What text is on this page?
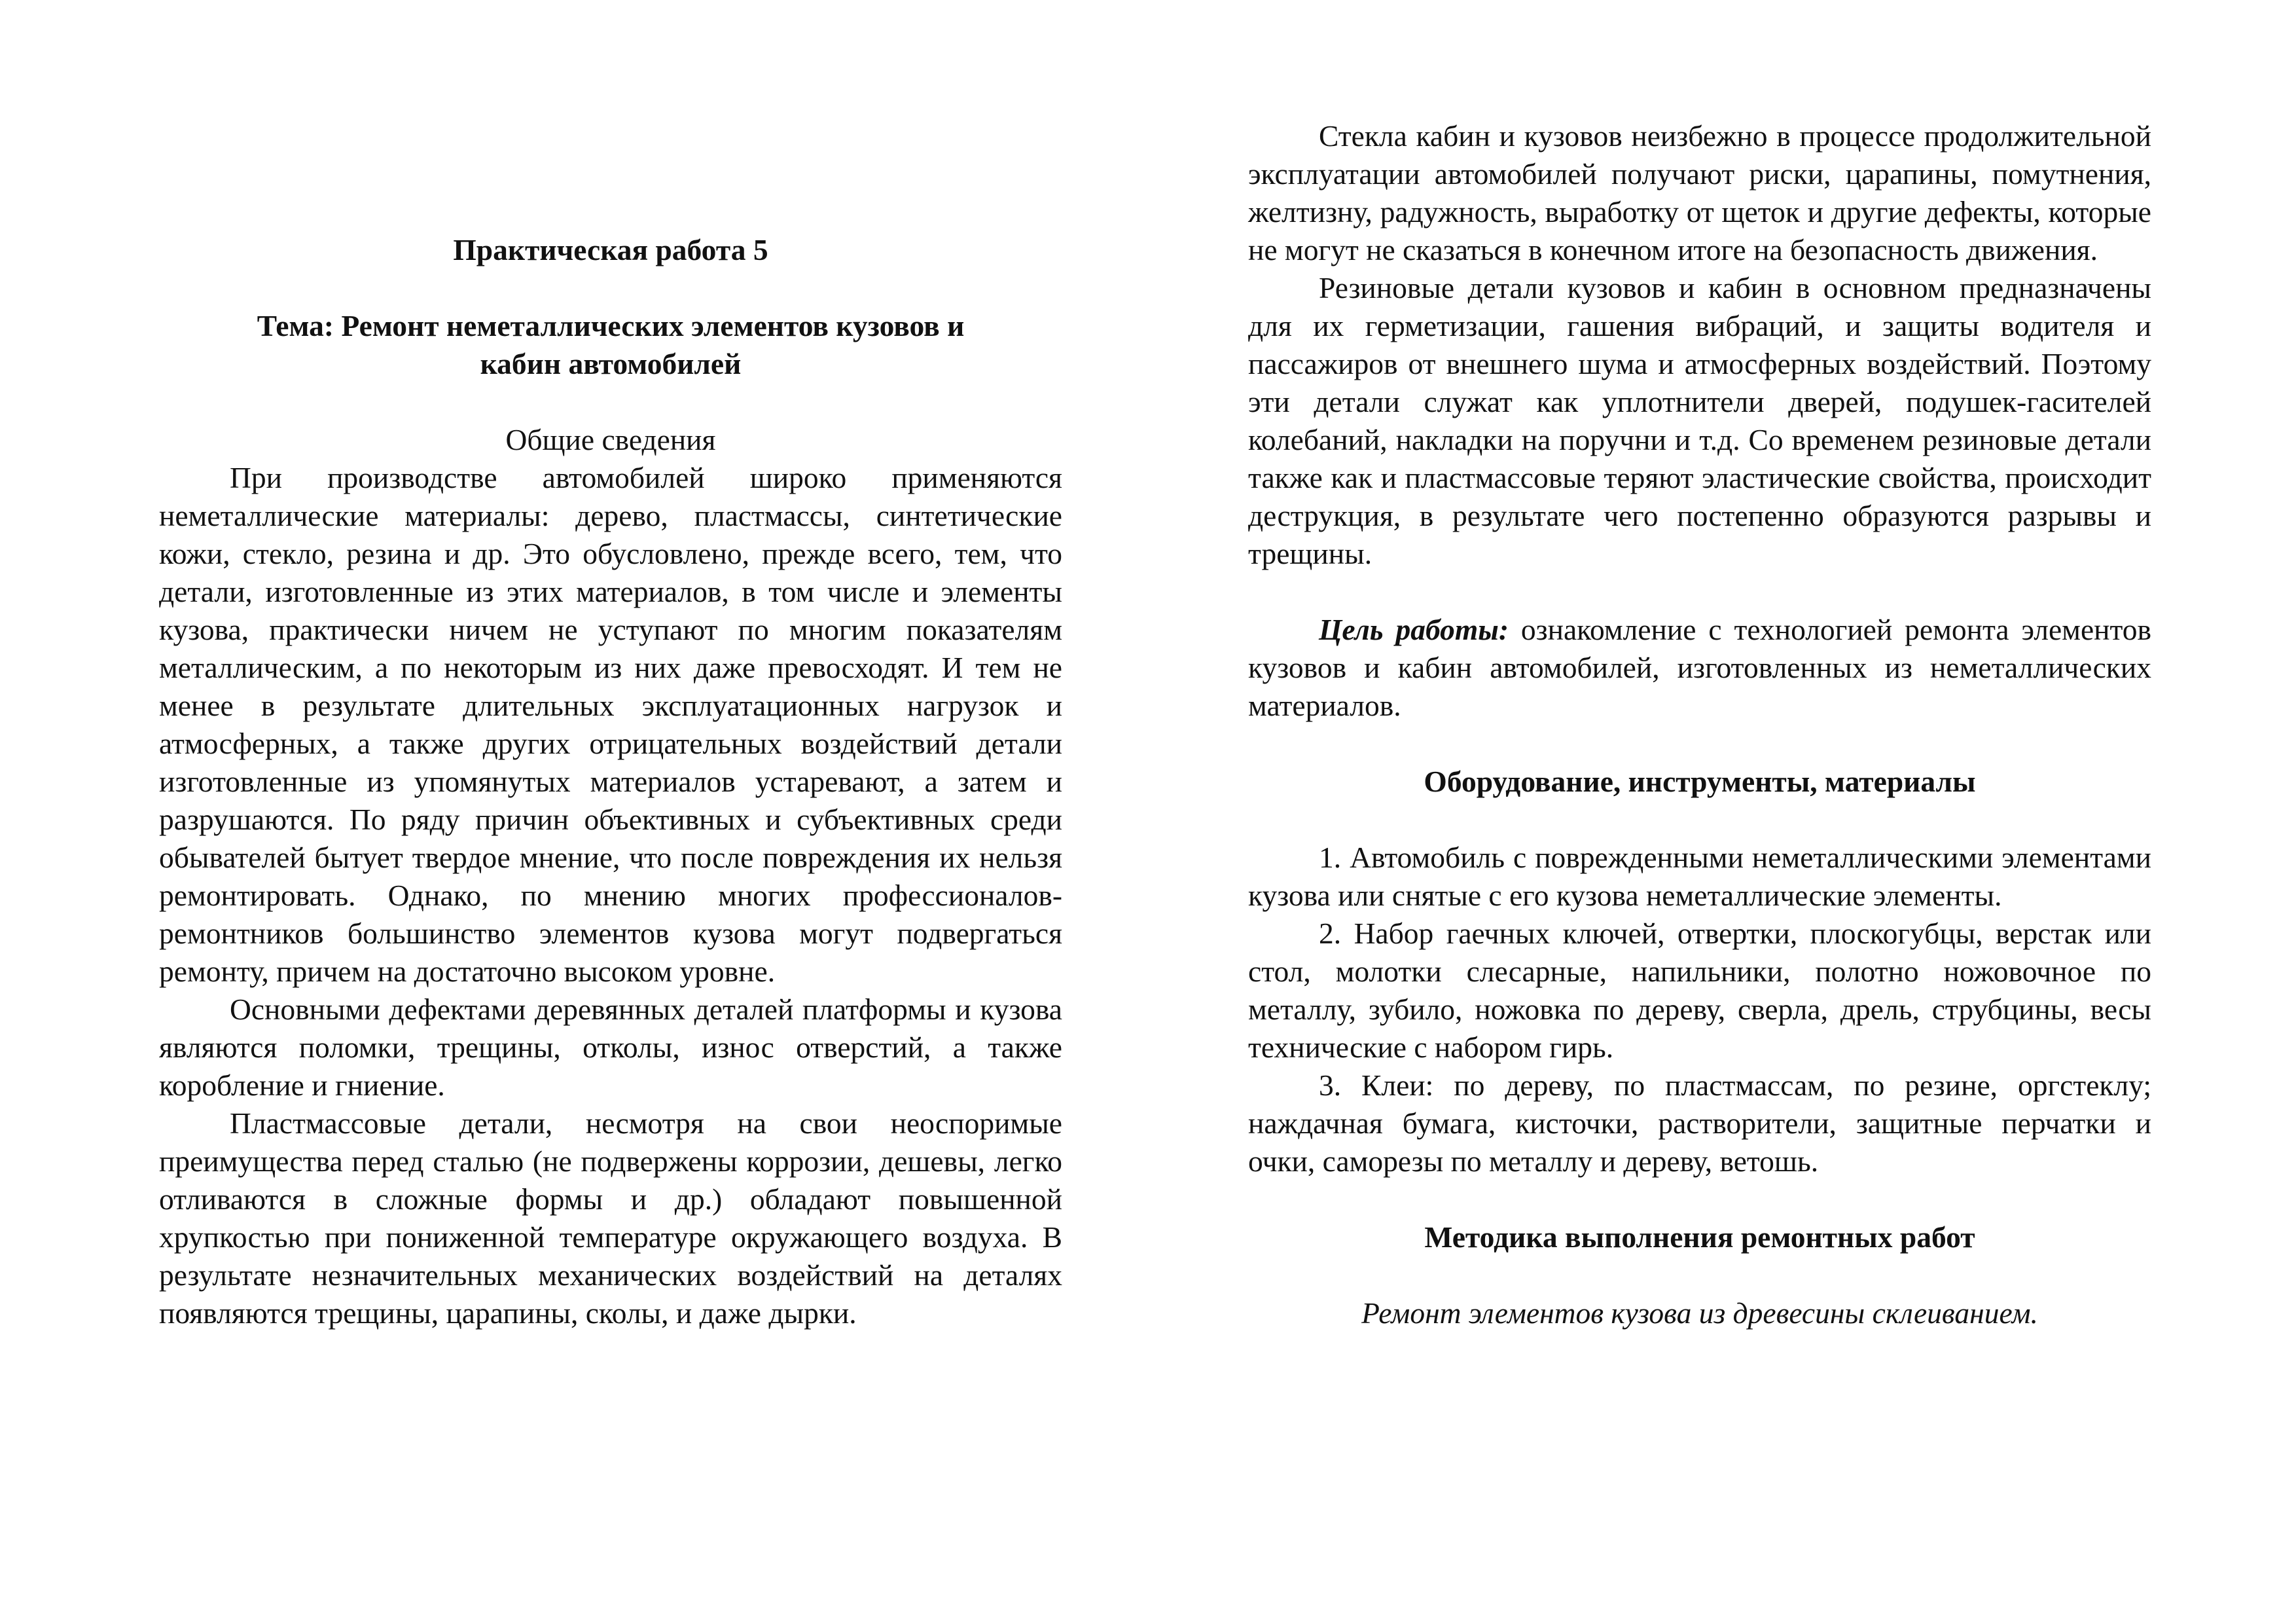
Практическая работа 5
Тема: Ремонт неметаллических элементов кузовов и
кабин автомобилей

Общие сведения

При производстве автомобилей широко применяются неметаллические материалы: дерево, пластмассы, синтетические кожи, стекло, резина и др. Это обусловлено, прежде всего, тем, что детали, изготовленные из этих материалов, в том числе и элементы кузова, практически ничем не уступают по многим показателям металлическим, а по некоторым из них даже превосходят. И тем не менее в результате длительных эксплуатационных нагрузок и атмосферных, а также других отрицательных воздействий детали изготовленные из упомянутых материалов устаревают, а затем и разрушаются. По ряду причин объективных и субъективных среди обывателей бытует твердое мнение, что после повреждения их нельзя ремонтировать. Однако, по мнению многих профессионалов-ремонтников большинство элементов кузова могут подвергаться ремонту, причем на достаточно высоком уровне.

Основными дефектами деревянных деталей платформы и кузова являются поломки, трещины, отколы, износ отверстий, а также коробление и гниение.

Пластмассовые детали, несмотря на свои неоспоримые преимущества перед сталью (не подвержены коррозии, дешевы, легко отливаются в сложные формы и др.) обладают повышенной хрупкостью при пониженной температуре окружающего воздуха. В результате незначительных механических воздействий на деталях появляются трещины, царапины, сколы, и даже дырки.

Стекла кабин и кузовов неизбежно в процессе продолжительной эксплуатации автомобилей получают риски, царапины, помутнения, желтизну, радужность, выработку от щеток и другие дефекты, которые не могут не сказаться в конечном итоге на безопасность движения.

Резиновые детали кузовов и кабин в основном предназначены для их герметизации, гашения вибраций, и защиты водителя и пассажиров от внешнего шума и атмосферных воздействий. Поэтому эти детали служат как уплотнители дверей, подушек-гасителей колебаний, накладки на поручни и т.д. Со временем резиновые детали также как и пластмассовые теряют эластические свойства, происходит деструкция, в результате чего постепенно образуются разрывы и трещины.

Цель работы: ознакомление с технологией ремонта элементов кузовов и кабин автомобилей, изготовленных из неметаллических материалов.

Оборудование, инструменты, материалы

1. Автомобиль с поврежденными неметаллическими элементами кузова или снятые с его кузова неметаллические элементы.

2. Набор гаечных ключей, отвертки, плоскогубцы, верстак или стол, молотки слесарные, напильники, полотно ножовочное по металлу, зубило, ножовка по дереву, сверла, дрель, струбцины, весы технические с набором гирь.

3. Клеи: по дереву, по пластмассам, по резине, оргстеклу; наждачная бумага, кисточки, растворители, защитные перчатки и очки, саморезы по металлу и дереву, ветошь.

Методика выполнения ремонтных работ

Ремонт элементов кузова из древесины склеиванием.
